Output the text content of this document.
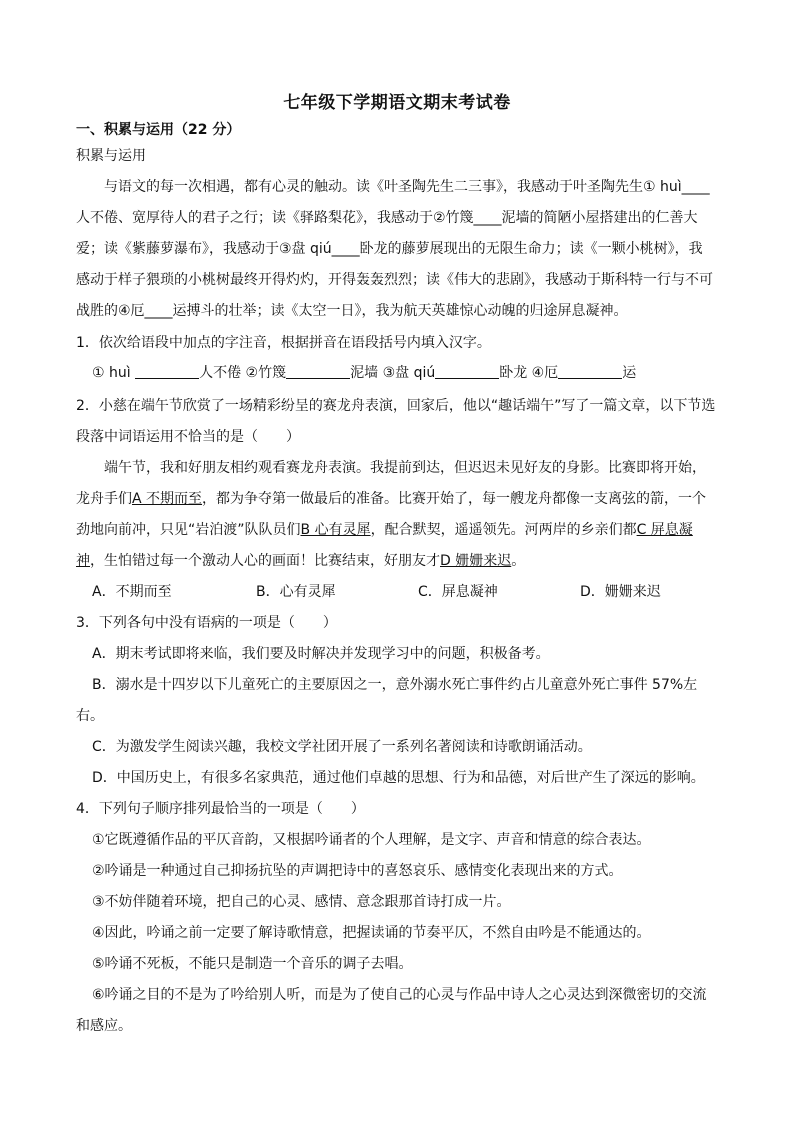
七年级下学期语文期末考试卷
一、积累与运用（22 分）
积累与运用
与语文的每一次相遇，都有心灵的触动。读《叶圣陶先生二三事》，我感动于叶圣陶先生① huì____
人不倦、宽厚待人的君子之行；读《驿路梨花》，我感动于②竹篾____泥墙的简陋小屋搭建出的仁善大
爱；读《紫藤萝瀑布》，我感动于③盘 qiú____卧龙的藤萝展现出的无限生命力；读《一颗小桃树》，我
感动于样子猥琐的小桃树最终开得灼灼，开得轰轰烈烈；读《伟大的悲剧》，我感动于斯科特一行与不可
战胜的④厄____运搏斗的壮举；读《太空一日》，我为航天英雄惊心动魄的归途屏息凝神。
1．依次给语段中加点的字注音，根据拼音在语段括号内填入汉字。
① huì	人不倦 ②竹篾	泥墙 ③盘 qiú	卧龙 ④厄	运
2．小慈在端午节欣赏了一场精彩纷呈的赛龙舟表演，回家后，他以“趣话端午”写了一篇文章，以下节选
段落中词语运用不恰当的是（　　）
端午节，我和好朋友相约观看赛龙舟表演。我提前到达，但迟迟未见好友的身影。比赛即将开始，
龙舟手们A 不期而至，都为争夺第一做最后的准备。比赛开始了，每一艘龙舟都像一支离弦的箭，一个
劲地向前冲，只见“岩泊渡”队队员们B 心有灵犀，配合默契，遥遥领先。河两岸的乡亲们都C 屏息凝
神，生怕错过每一个激动人心的画面！比赛结束，好朋友才D 姗姗来迟。
A．不期而至	B．心有灵犀	C．屏息凝神	D．姗姗来迟
3．下列各句中没有语病的一项是（　　）
A．期末考试即将来临，我们要及时解决并发现学习中的问题，积极备考。
B．溺水是十四岁以下儿童死亡的主要原因之一，意外溺水死亡事件约占儿童意外死亡事件 57%左
右。
C．为激发学生阅读兴趣，我校文学社团开展了一系列名著阅读和诗歌朗诵活动。
D．中国历史上，有很多名家典范，通过他们卓越的思想、行为和品德，对后世产生了深远的影响。
4．下列句子顺序排列最恰当的一项是（　　）
①它既遵循作品的平仄音韵，又根据吟诵者的个人理解，是文字、声音和情意的综合表达。
②吟诵是一种通过自己抑扬抗坠的声调把诗中的喜怒哀乐、感情变化表现出来的方式。
③不妨伴随着环境，把自己的心灵、感情、意念跟那首诗打成一片。
④因此，吟诵之前一定要了解诗歌情意，把握读诵的节奏平仄，不然自由吟是不能通达的。
⑤吟诵不死板，不能只是制造一个音乐的调子去唱。
⑥吟诵之目的不是为了吟给别人听，而是为了使自己的心灵与作品中诗人之心灵达到深微密切的交流
和感应。
